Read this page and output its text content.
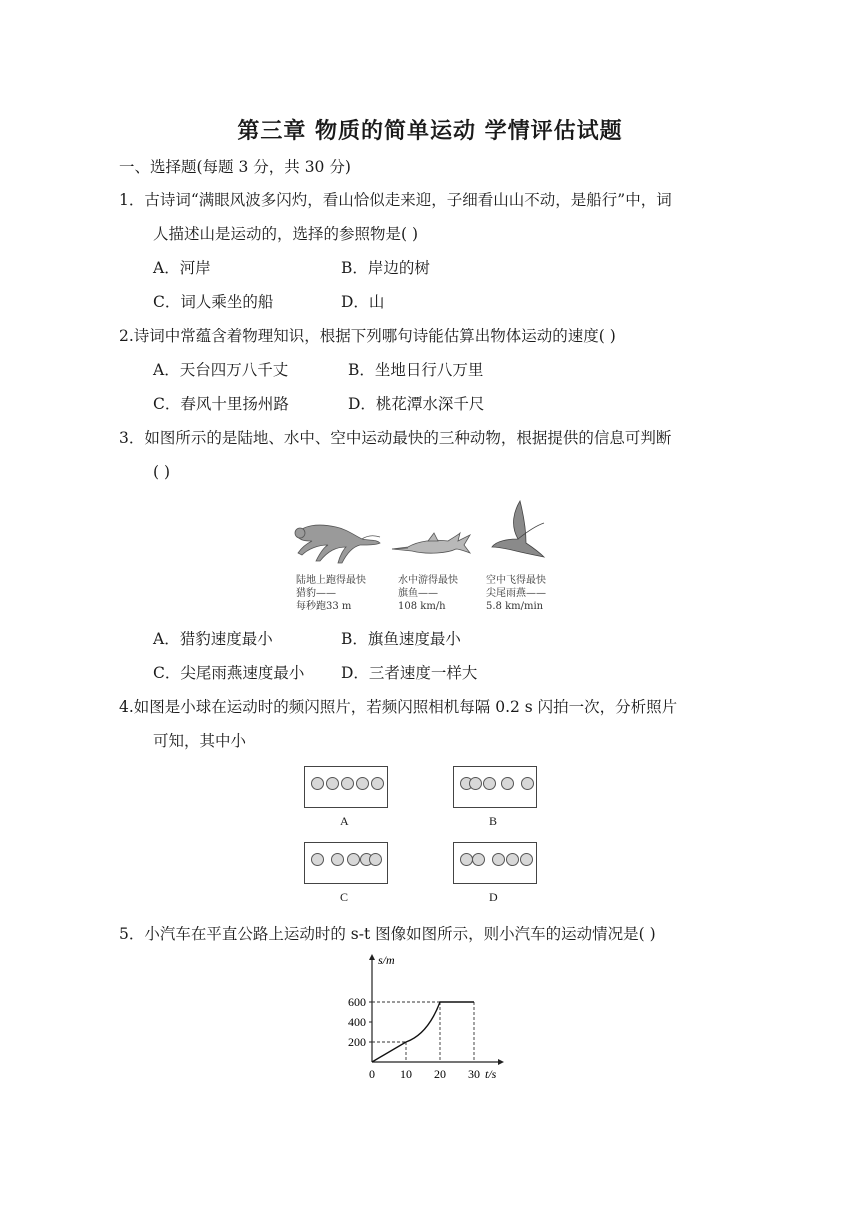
第三章 物质的简单运动 学情评估试题
一、选择题(每题 3 分，共 30 分)
1．古诗词“满眼风波多闪灼，看山恰似走来迎，子细看山山不动，是船行”中，词
人描述山是运动的，选择的参照物是( )
A．河岸	B．岸边的树
C．词人乘坐的船	D．山
2.诗词中常蕴含着物理知识，根据下列哪句诗能估算出物体运动的速度( )
A．天台四万八千丈	B．坐地日行八万里
C．春风十里扬州路	D．桃花潭水深千尺
3．如图所示的是陆地、水中、空中运动最快的三种动物，根据提供的信息可判断
( )
陆地上跑得最快
猎豹——
每秒跑33 m
水中游得最快
旗鱼——
108 km/h
空中飞得最快
尖尾雨燕——
5.8 km/min
A．猎豹速度最小	B．旗鱼速度最小
C．尖尾雨燕速度最小 D．三者速度一样大
4.如图是小球在运动时的频闪照片，若频闪照相机每隔 0.2 s 闪拍一次，分析照片
可知，其中小
A	B
C	D
5．小汽车在平直公路上运动时的 s-t 图像如图所示，则小汽车的运动情况是( )
t/s
s/m
0 10 20 30
200
400
600
